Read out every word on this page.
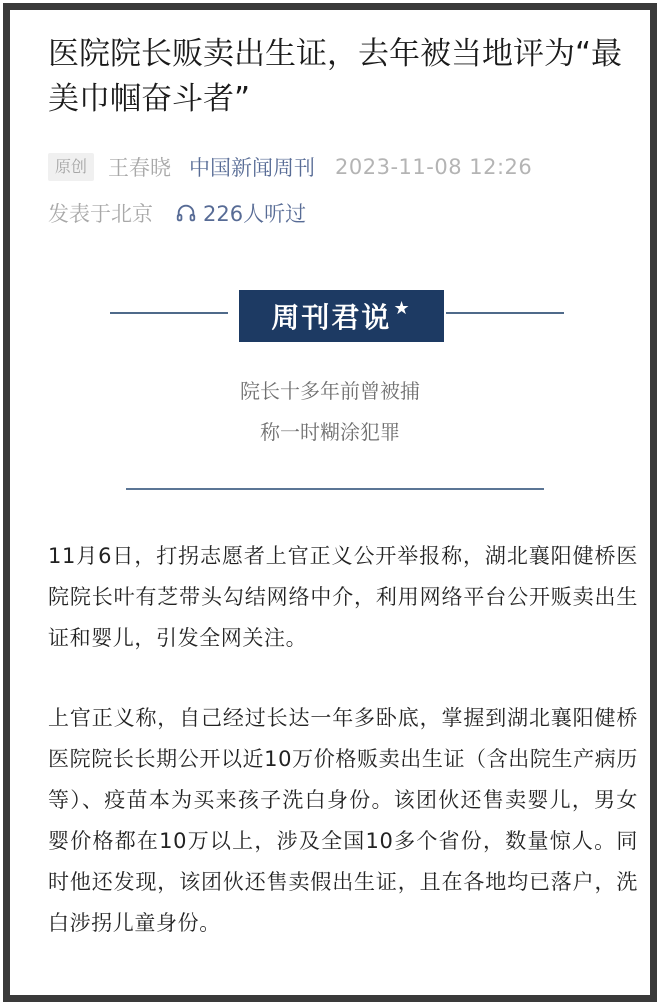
医院院长贩卖出生证，去年被当地评为“最美巾帼奋斗者”
原创	王春晓 中国新闻周刊 2023-11-08 12:26
发表于北京 226人听过
周刊君说 ★
院长十多年前曾被捕
称一时糊涂犯罪

11月6日，打拐志愿者上官正义公开举报称，湖北襄阳健桥医院院长叶有芝带头勾结网络中介，利用网络平台公开贩卖出生证和婴儿，引发全网关注。

上官正义称，自己经过长达一年多卧底，掌握到湖北襄阳健桥医院院长长期公开以近10万价格贩卖出生证（含出院生产病历等）、疫苗本为买来孩子洗白身份。该团伙还售卖婴儿，男女婴价格都在10万以上，涉及全国10多个省份，数量惊人。同时他还发现，该团伙还售卖假出生证，且在各地均已落户，洗白涉拐儿童身份。
